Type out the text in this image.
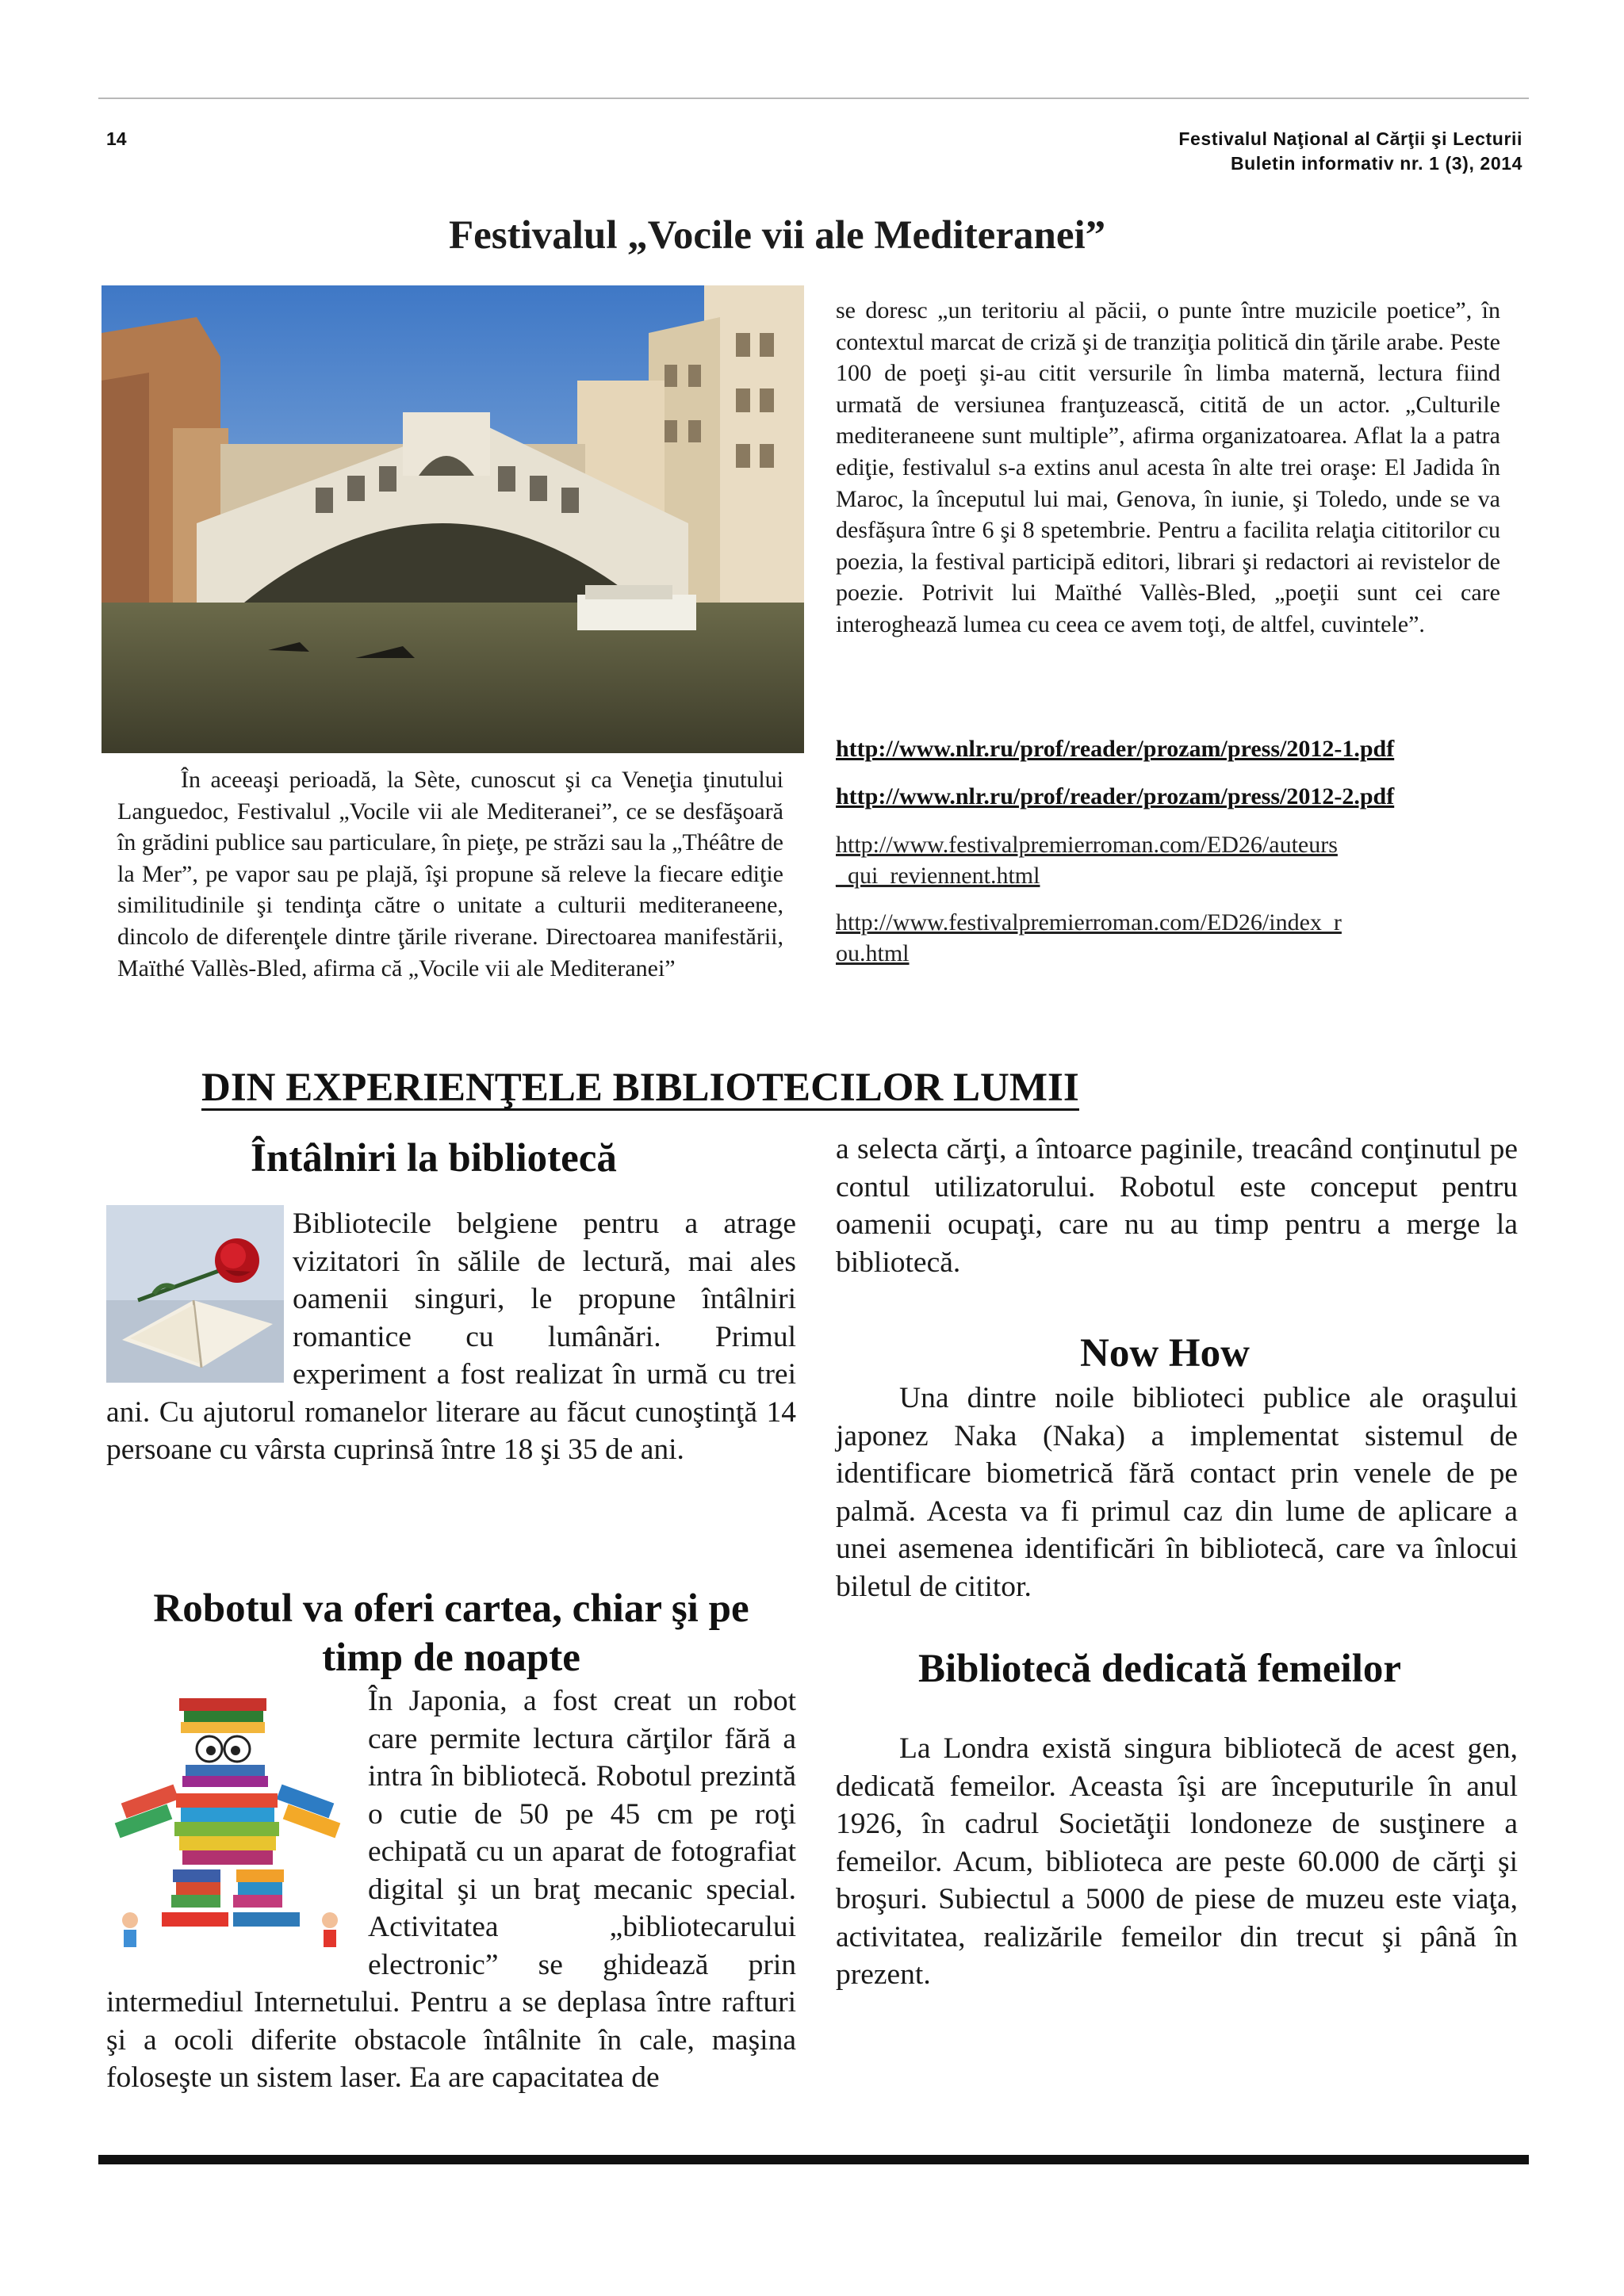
14	Festivalul Naţional al Cărţii şi Lecturii
Buletin informativ nr. 1 (3), 2014
Festivalul „Vocile vii ale Mediteranei”
În aceeaşi perioadă, la Sète, cunoscut şi ca Veneţia ţinutului Languedoc, Festivalul „Vocile vii ale Mediteranei”, ce se desfăşoară în grădini publice sau particulare, în pieţe, pe străzi sau la „Théâtre de la Mer”, pe vapor sau pe plajă, îşi propune să releve la fiecare ediţie similitudinile şi tendinţa către o unitate a culturii mediteraneene, dincolo de diferenţele dintre ţările riverane. Directoarea manifestării, Maïthé Vallès-Bled, afirma că „Vocile vii ale Mediteranei”
se doresc „un teritoriu al păcii, o punte între muzicile poetice”, în contextul marcat de criză şi de tranziţia politică din ţările arabe. Peste 100 de poeţi şi-au citit versurile în limba maternă, lectura fiind urmată de versiunea franţuzească, citită de un actor. „Culturile mediteraneene sunt multiple”, afirma organizatoarea. Aflat la a patra ediţie, festivalul s-a extins anul acesta în alte trei oraşe: El Jadida în Maroc, la începutul lui mai, Genova, în iunie, şi Toledo, unde se va desfăşura între 6 şi 8 spetembrie. Pentru a facilita relaţia cititorilor cu poezia, la festival participă editori, librari şi redactori ai revistelor de poezie. Potrivit lui Maïthé Vallès-Bled, „poeţii sunt cei care interoghează lumea cu ceea ce avem toţi, de altfel, cuvintele”.
http://www.nlr.ru/prof/reader/prozam/press/2012-1.pdf
http://www.nlr.ru/prof/reader/prozam/press/2012-2.pdf
http://www.festivalpremierroman.com/ED26/auteurs_qui_reviennent.html
http://www.festivalpremierroman.com/ED26/index_rou.html
DIN EXPERIENŢELE BIBLIOTECILOR LUMII
Întâlniri la bibliotecă
Bibliotecile belgiene pentru a atrage vizitatori în sălile de lectură, mai ales oamenii singuri, le propune întâlniri romantice cu lumânări. Primul experiment a fost realizat în urmă cu trei ani. Cu ajutorul romanelor literare au făcut cunoştinţă 14 persoane cu vârsta cuprinsă între 18 şi 35 de ani.
Robotul va oferi cartea, chiar şi pe
timp de noapte
În Japonia, a fost creat un robot care permite lectura cărţilor fără a intra în bibliotecă. Robotul prezintă o cutie de 50 pe 45 cm pe roţi echipată cu un aparat de fotografiat digital şi un braţ mecanic special. Activitatea „bibliotecarului electronic” se ghidează prin intermediul Internetului. Pentru a se deplasa între rafturi şi a ocoli diferite obstacole întâlnite în cale, maşina foloseşte un sistem laser. Ea are capacitatea de
a selecta cărţi, a întoarce paginile, treacând conţinutul pe contul utilizatorului. Robotul este conceput pentru oamenii ocupaţi, care nu au timp pentru a merge la bibliotecă.
Now How
Una dintre noile biblioteci publice ale oraşului japonez Naka (Naka) a implementat sistemul de identificare biometrică fără contact prin venele de pe palmă. Acesta va fi primul caz din lume de aplicare a unei asemenea identificări în bibliotecă, care va înlocui biletul de cititor.
Bibliotecă dedicată femeilor
La Londra există singura bibliotecă de acest gen, dedicată femeilor. Aceasta îşi are începuturile în anul 1926, în cadrul Societăţii londoneze de susţinere a femeilor. Acum, biblioteca are peste 60.000 de cărţi şi broşuri. Subiectul a 5000 de piese de muzeu este viaţa, activitatea, realizările femeilor din trecut şi până în prezent.
